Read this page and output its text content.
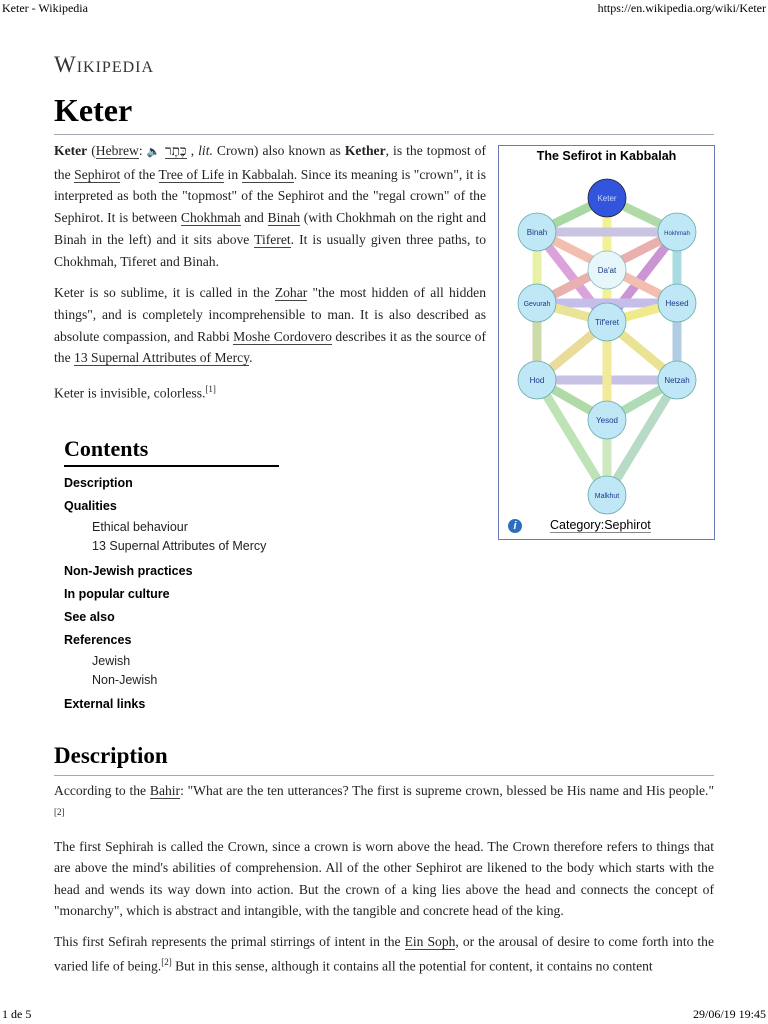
Keter - Wikipedia	https://en.wikipedia.org/wiki/Keter
Wikipedia
Keter

Keter (Hebrew: 🔈 כֶּתֶר , lit. Crown) also known as Kether, is the topmost of the Sephirot of the Tree of Life in Kabbalah. Since its meaning is "crown", it is interpreted as both the "topmost" of the Sephirot and the "regal crown" of the Sephirot. It is between Chokhmah and Binah (with Chokhmah on the right and Binah in the left) and it sits above Tiferet. It is usually given three paths, to Chokhmah, Tiferet and Binah.

Keter is so sublime, it is called in the Zohar "the most hidden of all hidden things", and is completely incomprehensible to man. It is also described as absolute compassion, and Rabbi Moshe Cordovero describes it as the source of the 13 Supernal Attributes of Mercy.

Keter is invisible, colorless.[1]

The Sefirot in Kabbalah
Keter
Binah	Hokhmah
Da'at
Gevurah	Hesed
Tif'eret
Hod	Netzah
Yesod
Malkhut
i	Category:Sephirot
Contents
Description
Qualities
Ethical behaviour
13 Supernal Attributes of Mercy
Non-Jewish practices
In popular culture
See also
References
Jewish
Non-Jewish
External links
Description

According to the Bahir: "What are the ten utterances? The first is supreme crown, blessed be His name and His people." [2]

The first Sephirah is called the Crown, since a crown is worn above the head. The Crown therefore refers to things that are above the mind's abilities of comprehension. All of the other Sephirot are likened to the body which starts with the head and wends its way down into action. But the crown of a king lies above the head and connects the concept of "monarchy", which is abstract and intangible, with the tangible and concrete head of the king.

This first Sefirah represents the primal stirrings of intent in the Ein Soph, or the arousal of desire to come forth into the varied life of being.[2] But in this sense, although it contains all the potential for content, it contains no content

1 de 5	29/06/19 19:45
